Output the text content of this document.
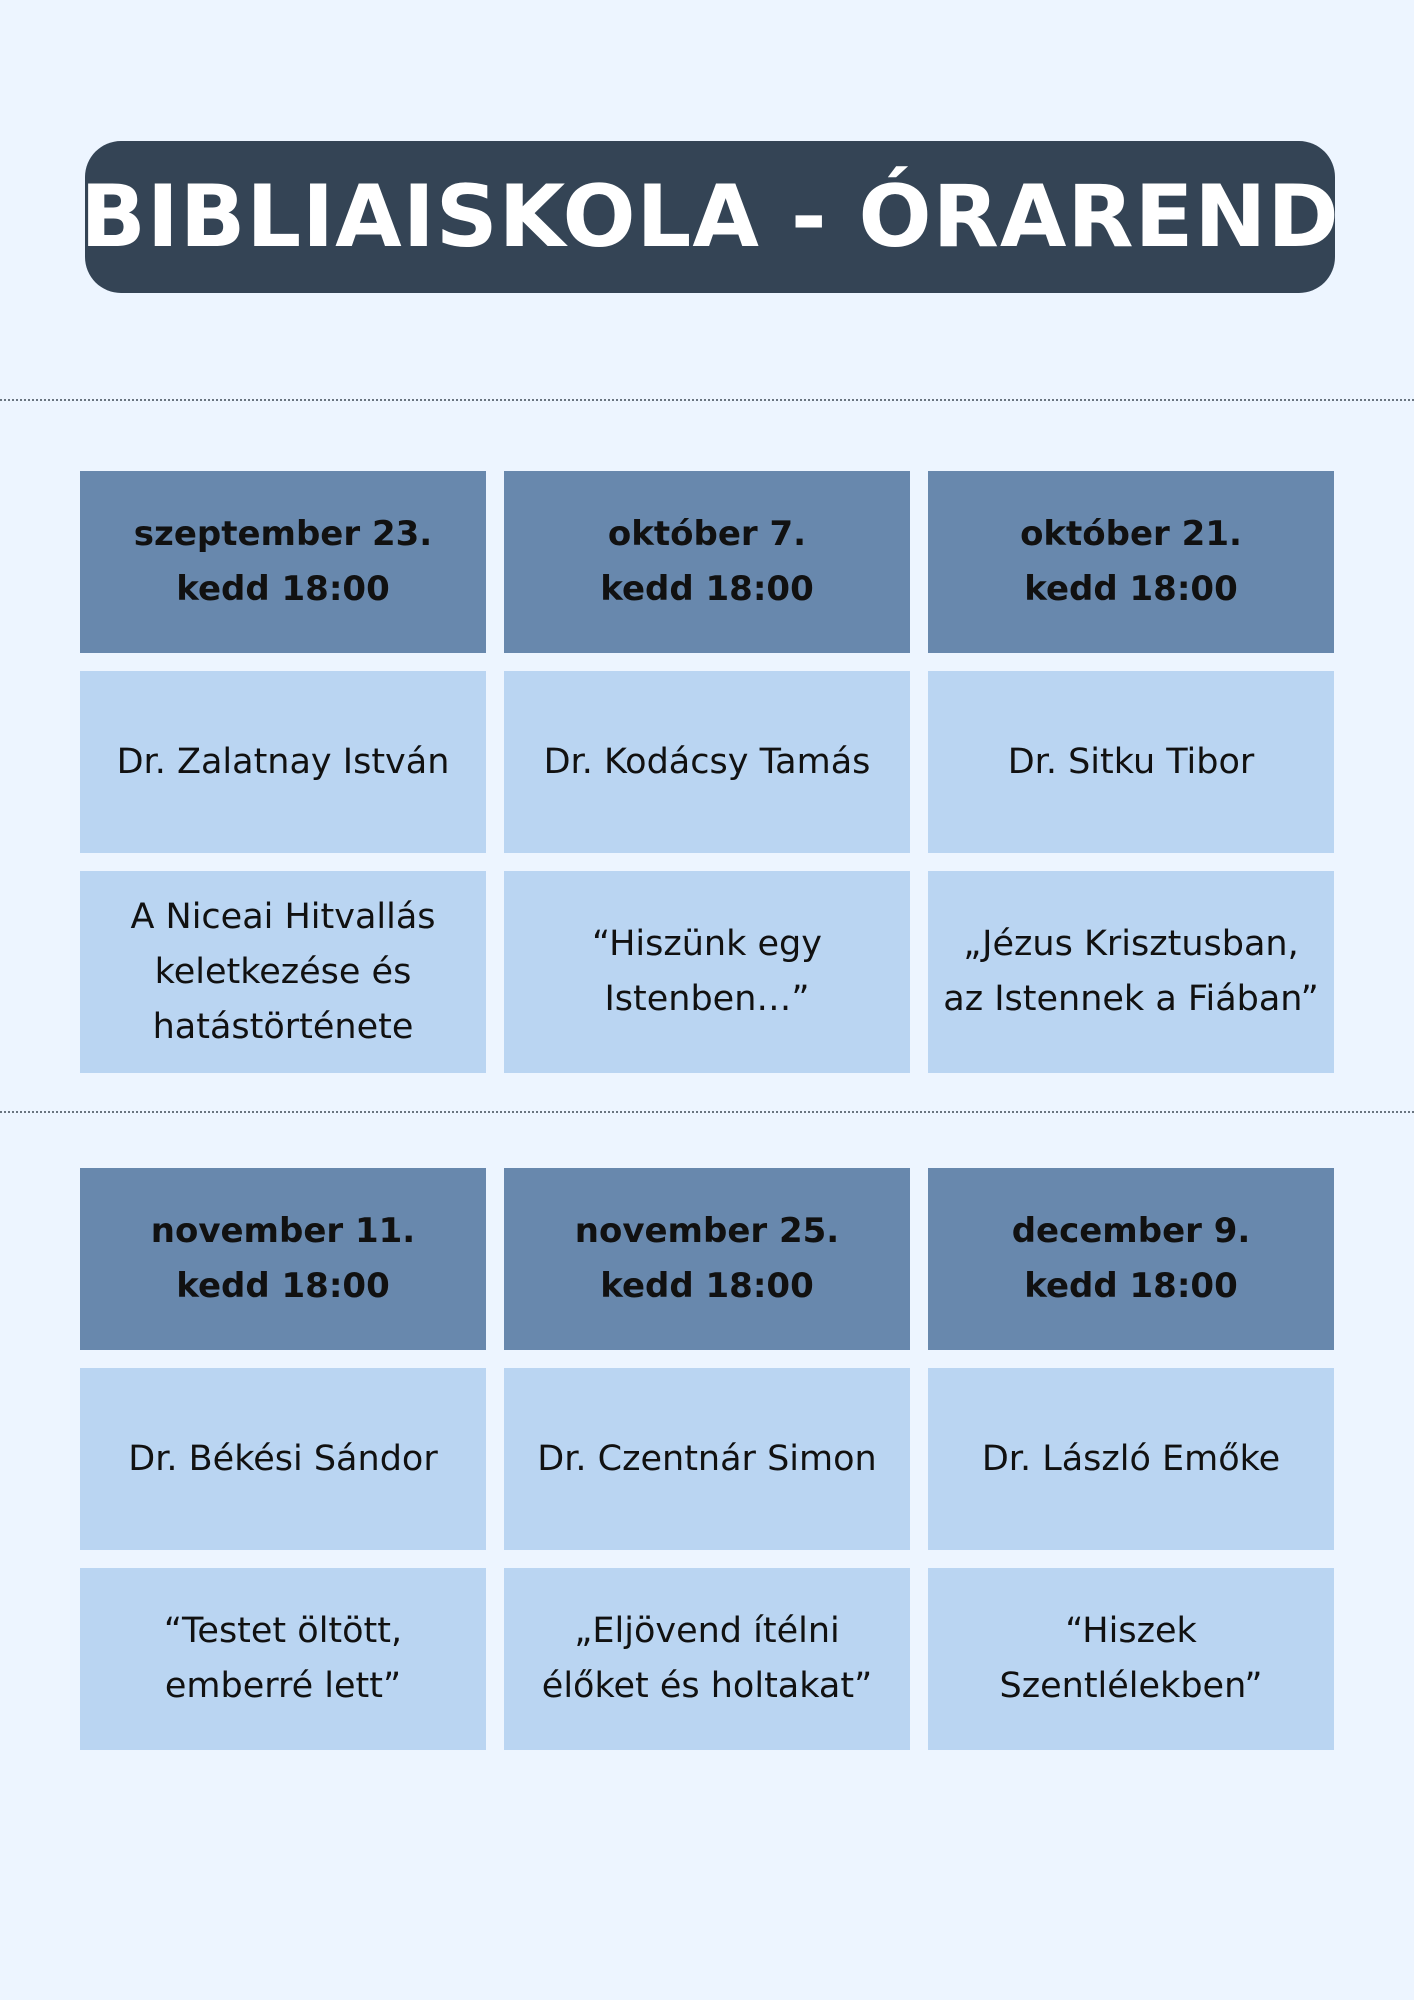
BIBLIAISKOLA - ÓRAREND
szeptember 23.
kedd 18:00
Dr. Zalatnay István
A Niceai Hitvallás keletkezése és hatástörténete
október 7.
kedd 18:00
Dr. Kodácsy Tamás
“Hiszünk egy Istenben…”
október 21.
kedd 18:00
Dr. Sitku Tibor
„Jézus Krisztusban, az Istennek a Fiában”
november 11.
kedd 18:00
Dr. Békési Sándor
“Testet öltött, emberré lett”
november 25.
kedd 18:00
Dr. Czentnár Simon
„Eljövend ítélni élőket és holtakat”
december 9.
kedd 18:00
Dr. László Emőke
“Hiszek Szentlélekben”
